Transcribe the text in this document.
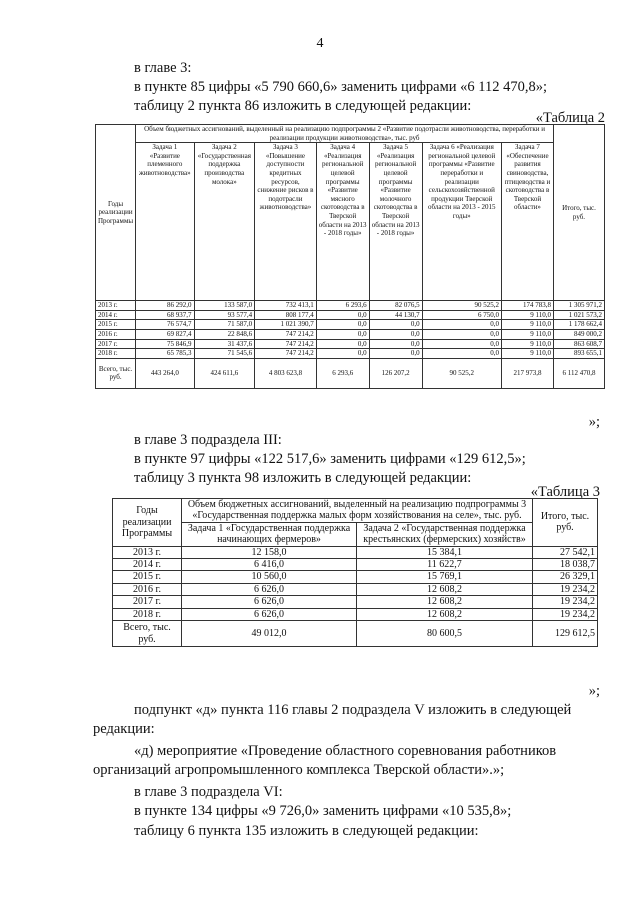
4
в главе 3:
в пункте 85 цифры «5 790 660,6» заменить цифрами «6 112 470,8»;
таблицу 2 пункта 86 изложить в следующей редакции:
«Таблица 2
Годы реализации Программы	Объем бюджетных ассигнований, выделенный на реализацию подпрограммы 2 «Развитие подотрасли животноводства, переработки и реализации продукции животноводства», тыс. руб							Итого, тыс. руб.
	Задача 1 «Развитие племенного животноводства»	Задача 2 «Государственная поддержка производства молока»	Задача 3 «Повышение доступности кредитных ресурсов, снижение рисков в подотрасли животноводства»	Задача 4 «Реализация региональной целевой программы «Развитие мясного скотоводства в Тверской области на 2013 - 2018 годы»	Задача 5 «Реализация региональной целевой программы «Развитие молочного скотоводства в Тверской области на 2013 - 2018 годы»	Задача 6 «Реализация региональной целевой программы «Развитие переработки и реализации сельскохозяйственной продукции Тверской области на 2013 - 2015 годы»	Задача 7 «Обеспечение развития свиноводства, птицеводства и скотоводства в Тверской области»	
2013 г.	86 292,0	133 587,0	732 413,1	6 293,6	82 076,5	90 525,2	174 783,8	1 305 971,2
2014 г.	68 937,7	93 577,4	808 177,4	0,0	44 130,7	6 750,0	9 110,0	1 021 573,2
2015 г.	76 574,7	71 587,0	1 021 390,7	0,0	0,0	0,0	9 110,0	1 178 662,4
2016 г.	69 827,4	22 848,6	747 214,2	0,0	0,0	0,0	9 110,0	849 000,2
2017 г.	75 846,9	31 437,6	747 214,2	0,0	0,0	0,0	9 110,0	863 608,7
2018 г.	65 785,3	71 545,6	747 214,2	0,0	0,0	0,0	9 110,0	893 655,1
Всего, тыс. руб.	443 264,0	424 611,6	4 803 623,8	6 293,6	126 207,2	90 525,2	217 973,8	6 112 470,8
»;
в главе 3 подраздела III:
в пункте 97 цифры «122 517,6» заменить цифрами «129 612,5»;
таблицу 3 пункта 98 изложить в следующей редакции:
«Таблица 3
Годы реализации Программы	Объем бюджетных ассигнований, выделенный на реализацию подпрограммы 3 «Государственная поддержка малых форм хозяйствования на селе», тыс. руб.		Итого, тыс. руб.
	Задача 1 «Государственная поддержка начинающих фермеров»	Задача 2 «Государственная поддержка крестьянских (фермерских) хозяйств»	
2013 г.	12 158,0	15 384,1	27 542,1
2014 г.	6 416,0	11 622,7	18 038,7
2015 г.	10 560,0	15 769,1	26 329,1
2016 г.	6 626,0	12 608,2	19 234,2
2017 г.	6 626,0	12 608,2	19 234,2
2018 г.	6 626,0	12 608,2	19 234,2
Всего, тыс. руб.	49 012,0	80 600,5	129 612,5
»;
подпункт «д» пункта 116 главы 2 подраздела V изложить в следующей
редакции:
«д) мероприятие «Проведение областного соревнования работников
организаций агропромышленного комплекса Тверской области».»;
в главе 3 подраздела VI:
в пункте 134 цифры «9 726,0» заменить цифрами «10 535,8»;
таблицу 6 пункта 135 изложить в следующей редакции:
